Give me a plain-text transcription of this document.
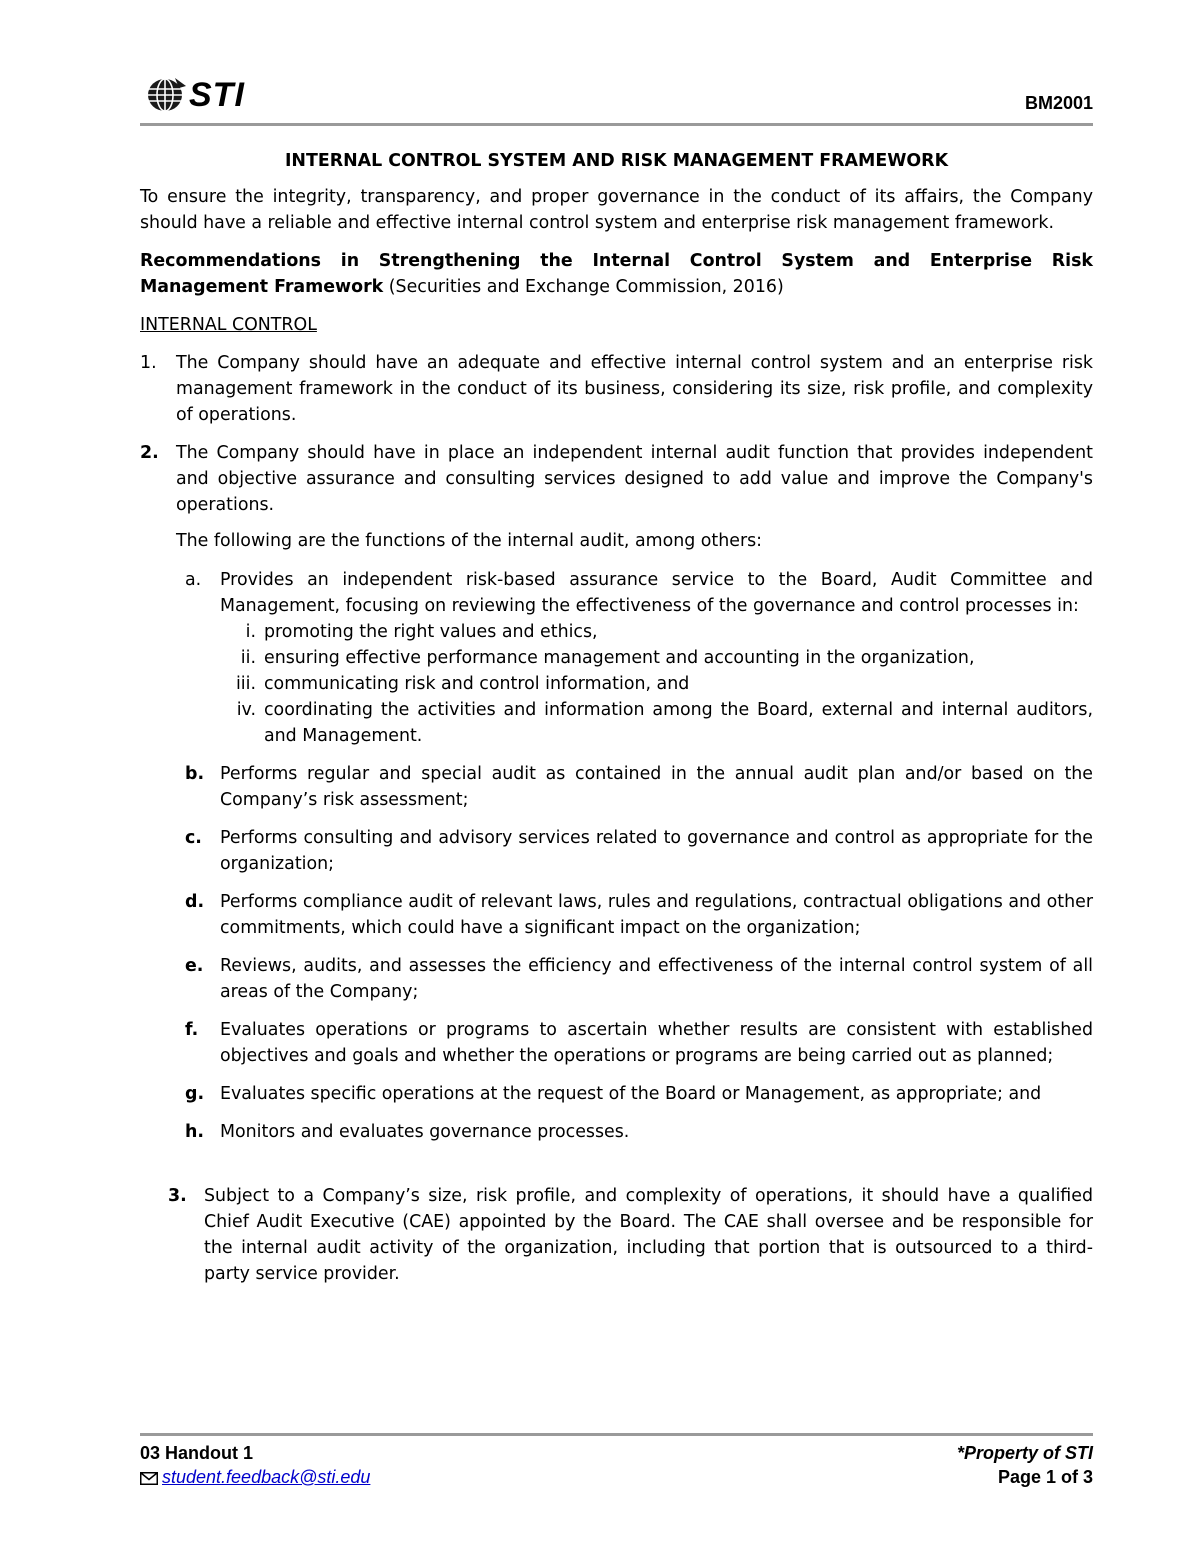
STI	BM2001

INTERNAL CONTROL SYSTEM AND RISK MANAGEMENT FRAMEWORK

To ensure the integrity, transparency, and proper governance in the conduct of its affairs, the Company should have a reliable and effective internal control system and enterprise risk management framework.

Recommendations in Strengthening the Internal Control System and Enterprise Risk Management Framework (Securities and Exchange Commission, 2016)

INTERNAL CONTROL

1. The Company should have an adequate and effective internal control system and an enterprise risk management framework in the conduct of its business, considering its size, risk profile, and complexity of operations.
2. The Company should have in place an independent internal audit function that provides independent and objective assurance and consulting services designed to add value and improve the Company's operations.

The following are the functions of the internal audit, among others:

a. Provides an independent risk-based assurance service to the Board, Audit Committee and Management, focusing on reviewing the effectiveness of the governance and control processes in:
i. promoting the right values and ethics,
ii. ensuring effective performance management and accounting in the organization,
iii. communicating risk and control information, and
iv. coordinating the activities and information among the Board, external and internal auditors, and Management.
b. Performs regular and special audit as contained in the annual audit plan and/or based on the Company’s risk assessment;
c. Performs consulting and advisory services related to governance and control as appropriate for the organization;
d. Performs compliance audit of relevant laws, rules and regulations, contractual obligations and other commitments, which could have a significant impact on the organization;
e. Reviews, audits, and assesses the efficiency and effectiveness of the internal control system of all areas of the Company;
f. Evaluates operations or programs to ascertain whether results are consistent with established objectives and goals and whether the operations or programs are being carried out as planned;
g. Evaluates specific operations at the request of the Board or Management, as appropriate; and
h. Monitors and evaluates governance processes.
3. Subject to a Company’s size, risk profile, and complexity of operations, it should have a qualified Chief Audit Executive (CAE) appointed by the Board. The CAE shall oversee and be responsible for the internal audit activity of the organization, including that portion that is outsourced to a third-party service provider.
03 Handout 1
student.feedback@sti.edu
*Property of STI
Page 1 of 3
